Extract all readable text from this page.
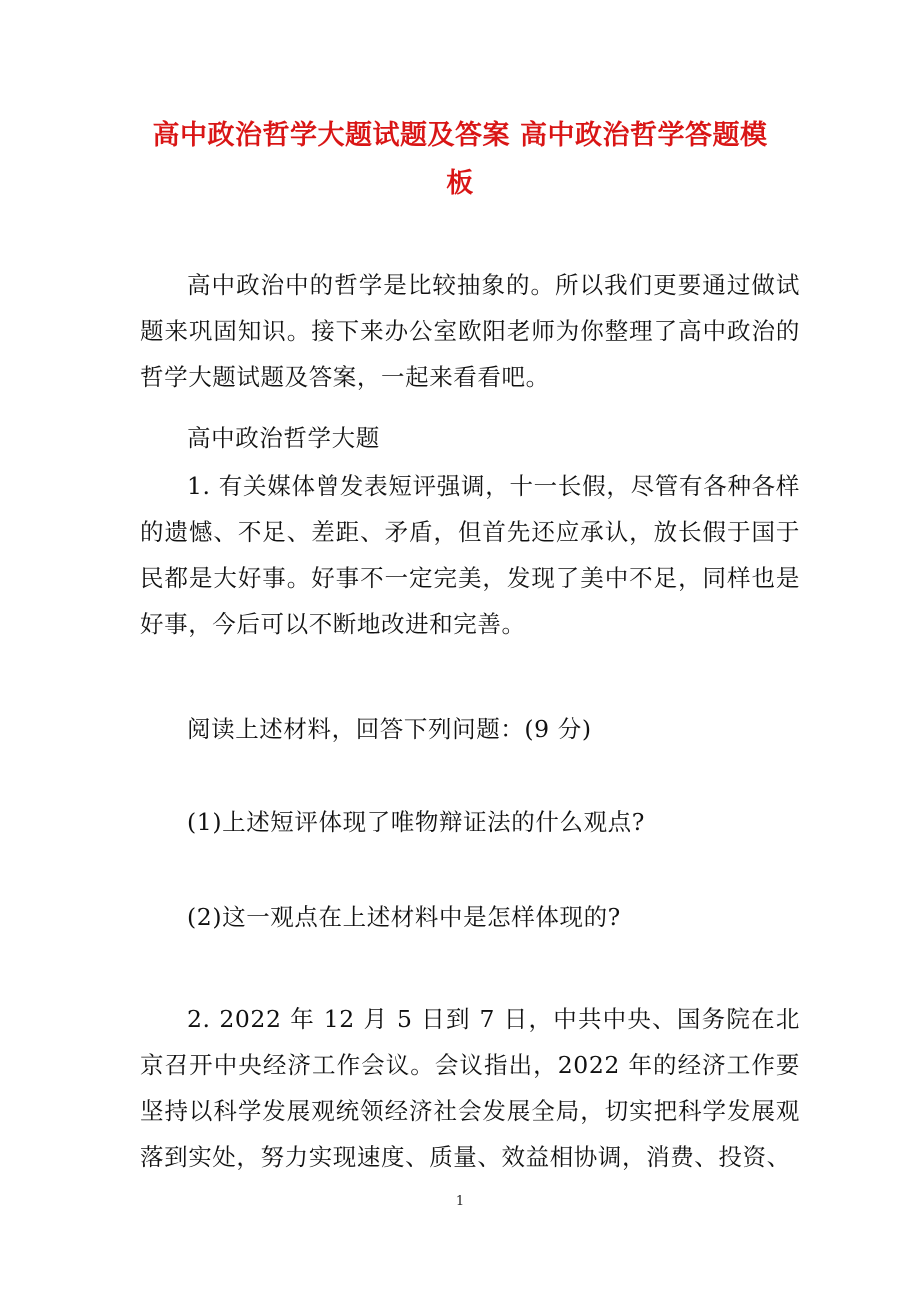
高中政治哲学大题试题及答案 高中政治哲学答题模板

高中政治中的哲学是比较抽象的。所以我们更要通过做试题来巩固知识。接下来办公室欧阳老师为你整理了高中政治的哲学大题试题及答案，一起来看看吧。

高中政治哲学大题

1. 有关媒体曾发表短评强调，十一长假，尽管有各种各样的遗憾、不足、差距、矛盾，但首先还应承认，放长假于国于民都是大好事。好事不一定完美，发现了美中不足，同样也是好事，今后可以不断地改进和完善。

阅读上述材料，回答下列问题：(9 分)

(1)上述短评体现了唯物辩证法的什么观点?

(2)这一观点在上述材料中是怎样体现的?

2. 2022 年 12 月 5 日到 7 日，中共中央、国务院在北京召开中央经济工作会议。会议指出，2022 年的经济工作要坚持以科学发展观统领经济社会发展全局，切实把科学发展观落到实处，努力实现速度、质量、效益相协调，消费、投资、

1
